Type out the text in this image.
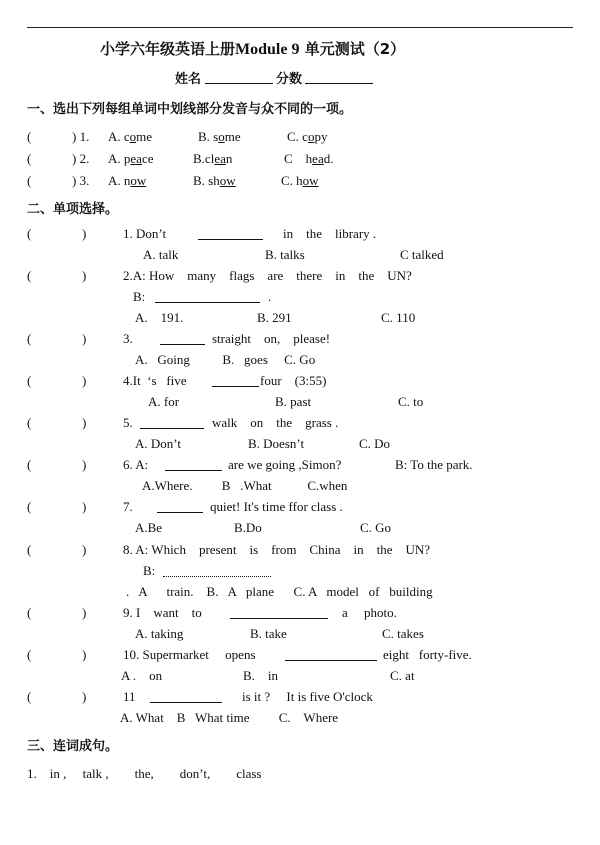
小学六年级英语上册Module 9 单元测试（2）
姓名	分数
一、选出下列每组单词中划线部分发音与众不同的一项。
(	) 1. A. come	B. some	C. copy
(	) 2. A. peace	B.clean	C    head.
(	) 3. A. now	B. show	C. how
二、单项选择。
(	)	1. Don’t	in    the    library .
A. talk	B. talks	C talked
(	)	2.A: How    many    flags    are    there    in    the    UN?
B:	.
A.    191.	B. 291	C. 110
(	)	3.	straight    on,    please!
A.   Going          B.   goes     C. Go
(	)	4.It  ‘s   five	four    (3:55)
A. for	B. past	C. to
(	)	5.	walk    on    the    grass .
A. Don’t	B. Doesn’t	C. Do
(	)	6. A:	are we going ,Simon?	B: To the park.
A.Where.         B   .What           C.when
(	)	7.	quiet! It's time ffor class .
A.Be	B.Do	C. Go
(	)	8. A: Which    present    is    from    China    in    the    UN?
B:
.   A      train.    B.   A   plane      C. A   model   of   building
(	)	9. I    want    to	a     photo.
A. taking	B. take	C. takes
(	)	10. Supermarket     opens	eight   forty-five.
A .    on	B.    in	C. at
(	)	11	is it ?     It is five O'clock
A. What    B   What time         C.    Where
三、连词成句。
1.    in ,     talk ,        the,        don’t,        class
